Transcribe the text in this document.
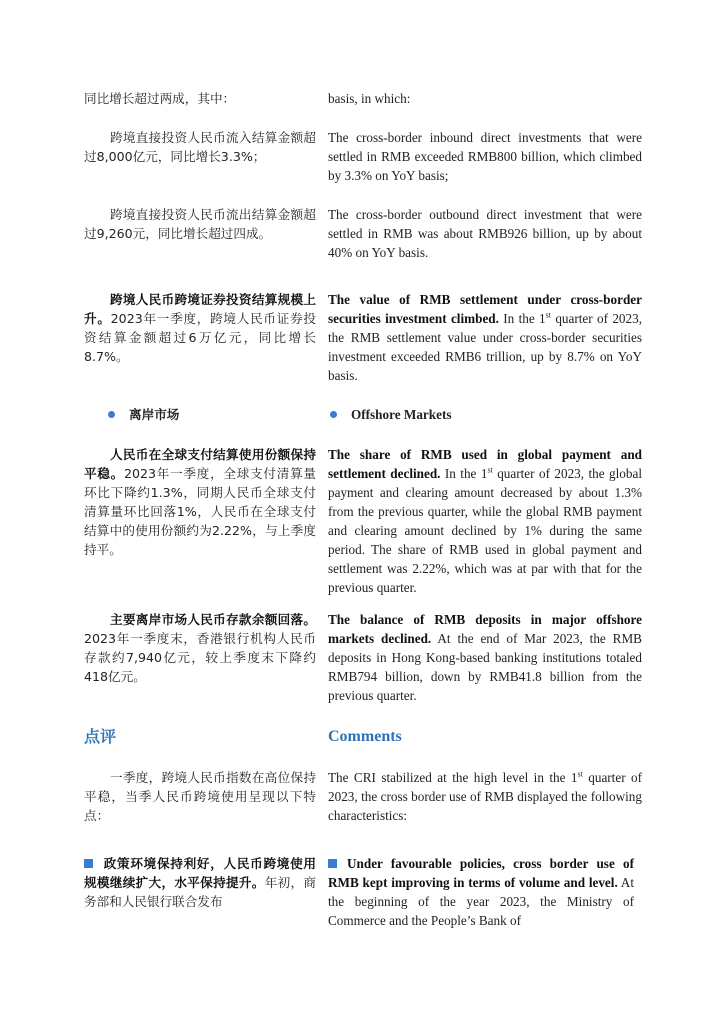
同比增长超过两成，其中：	basis, in which:
跨境直接投资人民币流入结算金额超过8,000亿元，同比增长3.3%；
The cross-border inbound direct investments that were settled in RMB exceeded RMB800 billion, which climbed by 3.3% on YoY basis;
跨境直接投资人民币流出结算金额超过9,260元，同比增长超过四成。
The cross-border outbound direct investment that were settled in RMB was about RMB926 billion, up by about 40% on YoY basis.
跨境人民币跨境证券投资结算规模上升。2023年一季度，跨境人民币证券投资结算金额超过6万亿元，同比增长8.7%。
The value of RMB settlement under cross-border securities investment climbed. In the 1st quarter of 2023, the RMB settlement value under cross-border securities investment exceeded RMB6 trillion, up by 8.7% on YoY basis.
离岸市场	Offshore Markets
人民币在全球支付结算使用份额保持平稳。2023年一季度，全球支付清算量环比下降约1.3%，同期人民币全球支付清算量环比回落1%，人民币在全球支付结算中的使用份额约为2.22%，与上季度持平。
The share of RMB used in global payment and settlement declined. In the 1st quarter of 2023, the global payment and clearing amount decreased by about 1.3% from the previous quarter, while the global RMB payment and clearing amount declined by 1% during the same period. The share of RMB used in global payment and settlement was 2.22%, which was at par with that for the previous quarter.
主要离岸市场人民币存款余额回落。2023年一季度末，香港银行机构人民币存款约7,940亿元，较上季度末下降约418亿元。
The balance of RMB deposits in major offshore markets declined. At the end of Mar 2023, the RMB deposits in Hong Kong-based banking institutions totaled RMB794 billion, down by RMB41.8 billion from the previous quarter.
点评	Comments
一季度，跨境人民币指数在高位保持平稳，当季人民币跨境使用呈现以下特点：
The CRI stabilized at the high level in the 1st quarter of 2023, the cross border use of RMB displayed the following characteristics:
政策环境保持利好，人民币跨境使用规模继续扩大，水平保持提升。年初，商务部和人民银行联合发布
Under favourable policies, cross border use of RMB kept improving in terms of volume and level. At the beginning of the year 2023, the Ministry of Commerce and the People’s Bank of
